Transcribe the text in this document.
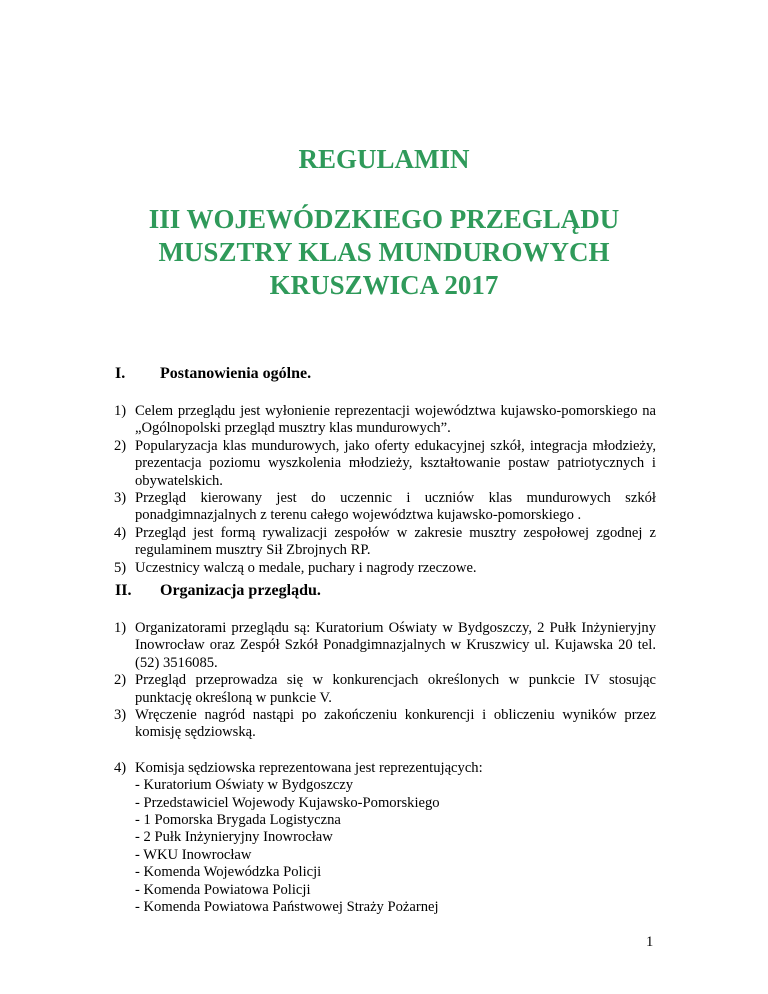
REGULAMIN
III WOJEWÓDZKIEGO PRZEGLĄDU
MUSZTRY KLAS MUNDUROWYCH
KRUSZWICA 2017
I. Postanowienia ogólne.
1) Celem przeglądu jest wyłonienie reprezentacji województwa kujawsko-pomorskiego na „Ogólnopolski przegląd musztry klas mundurowych”.
2) Popularyzacja klas mundurowych, jako oferty edukacyjnej szkół, integracja młodzieży, prezentacja poziomu wyszkolenia młodzieży, kształtowanie postaw patriotycznych i obywatelskich.
3) Przegląd kierowany jest do uczennic i uczniów klas mundurowych szkół ponadgimnazjalnych z terenu całego województwa kujawsko-pomorskiego .
4) Przegląd jest formą rywalizacji zespołów w zakresie musztry zespołowej zgodnej z regulaminem musztry Sił Zbrojnych RP.
5) Uczestnicy walczą o medale, puchary i nagrody rzeczowe.
II. Organizacja przeglądu.
1) Organizatorami przeglądu są: Kuratorium Oświaty w Bydgoszczy, 2 Pułk Inżynieryjny Inowrocław oraz Zespół Szkół Ponadgimnazjalnych w Kruszwicy ul. Kujawska 20 tel. (52) 3516085.
2) Przegląd przeprowadza się w konkurencjach określonych w punkcie IV stosując punktację określoną w punkcie V.
3) Wręczenie nagród nastąpi po zakończeniu konkurencji i obliczeniu wyników przez komisję sędziowską.
4) Komisja sędziowska reprezentowana jest reprezentujących:
- Kuratorium Oświaty w Bydgoszczy
- Przedstawiciel Wojewody Kujawsko-Pomorskiego
- 1 Pomorska Brygada Logistyczna
- 2 Pułk Inżynieryjny Inowrocław
- WKU Inowrocław
- Komenda Wojewódzka Policji
- Komenda Powiatowa Policji
- Komenda Powiatowa Państwowej Straży Pożarnej
1
